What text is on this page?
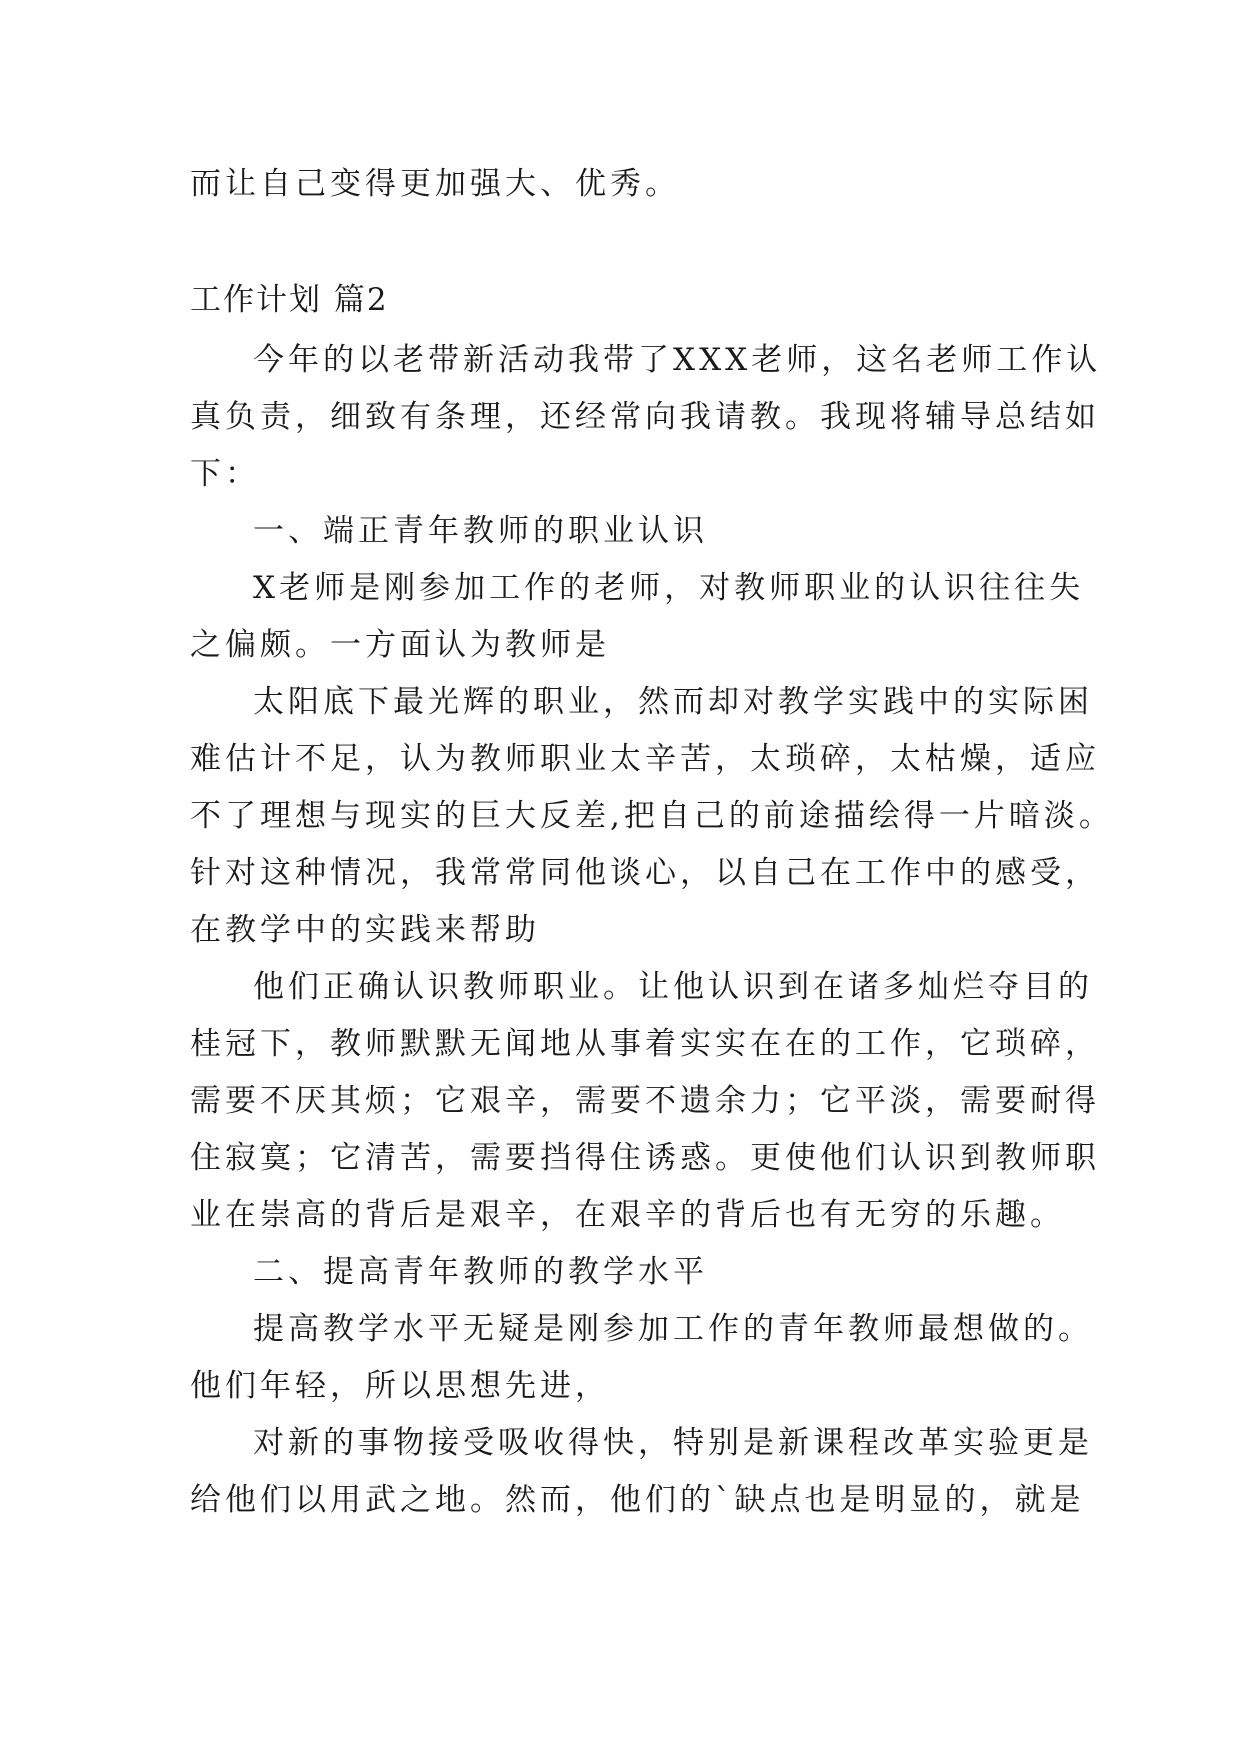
而让自己变得更加强大、优秀。
工作计划 篇2
今年的以老带新活动我带了XXX老师，这名老师工作认
真负责，细致有条理，还经常向我请教。我现将辅导总结如
下：
一、端正青年教师的职业认识
X老师是刚参加工作的老师，对教师职业的认识往往失
之偏颇。一方面认为教师是
太阳底下最光辉的职业，然而却对教学实践中的实际困
难估计不足，认为教师职业太辛苦，太琐碎，太枯燥，适应
不了理想与现实的巨大反差,把自己的前途描绘得一片暗淡。
针对这种情况，我常常同他谈心，以自己在工作中的感受，
在教学中的实践来帮助
他们正确认识教师职业。让他认识到在诸多灿烂夺目的
桂冠下，教师默默无闻地从事着实实在在的工作，它琐碎，
需要不厌其烦；它艰辛，需要不遗余力；它平淡，需要耐得
住寂寞；它清苦，需要挡得住诱惑。更使他们认识到教师职
业在崇高的背后是艰辛，在艰辛的背后也有无穷的乐趣。
二、提高青年教师的教学水平
提高教学水平无疑是刚参加工作的青年教师最想做的。
他们年轻，所以思想先进，
对新的事物接受吸收得快，特别是新课程改革实验更是
给他们以用武之地。然而，他们的`缺点也是明显的，就是
